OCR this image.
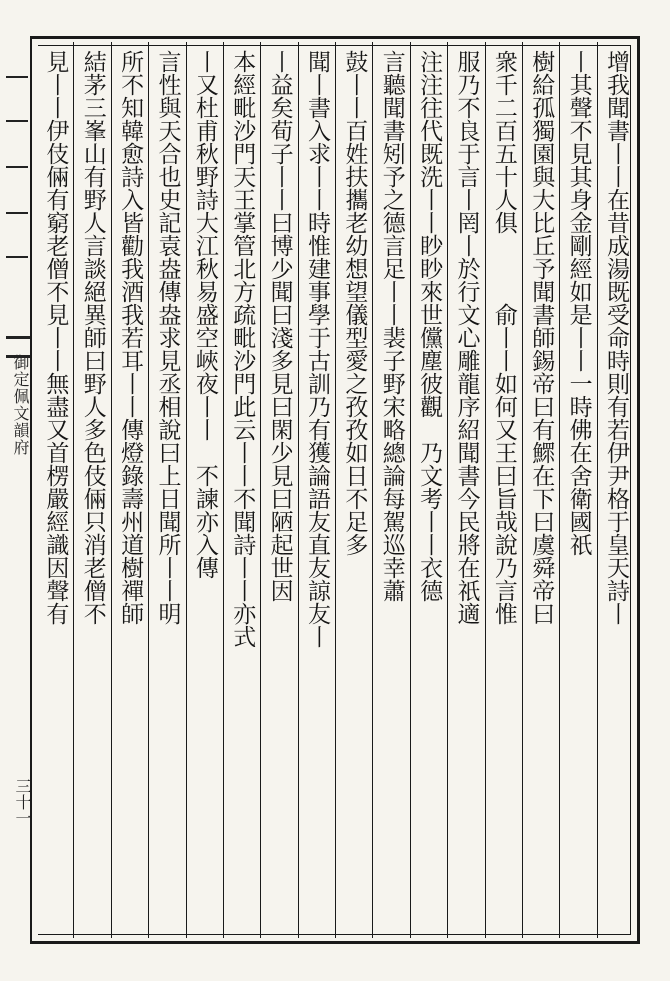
御定佩文韻府
三十一
增我聞書丨丨在昔成湯既受命時則有若伊尹格于皇天詩丨
丨其聲不見其身金剛經如是丨丨一時佛在舍衛國祇
樹給孤獨園與大比丘予聞書師錫帝曰有鰥在下曰虞舜帝曰
衆千二百五十人俱　　　俞丨丨如何又王曰旨哉說乃言惟
服乃不良于言丨罔丨於行文心雕龍序紹聞書今民將在祇適
注注往代既洗丨丨眇眇來世儻塵彼觀　乃文考丨丨衣德
言聽聞書矧予之德言足丨丨裴子野宋略總論每駕巡幸蕭
鼓丨丨百姓扶攜老幼想望儀型愛之孜孜如日不足多
聞丨書入求丨丨時惟建事學于古訓乃有獲論語友直友諒友丨
丨益矣荀子丨丨曰博少聞曰淺多見曰閑少見曰陋起世因
本經毗沙門天王掌管北方疏毗沙門此云丨丨不聞詩丨丨亦式
丨又杜甫秋野詩大江秋易盛空峽夜丨丨　不諫亦入傳
言性與天合也史記袁盎傳盎求見丞相說曰上日聞所丨丨明
所不知韓愈詩入皆勸我酒我若耳丨丨傳燈錄壽州道樹禪師
結茅三峯山有野人言談絕異師曰野人多色伎倆只消老僧不
見丨丨伊伎倆有窮老僧不見丨丨無盡又首楞嚴經識因聲有
